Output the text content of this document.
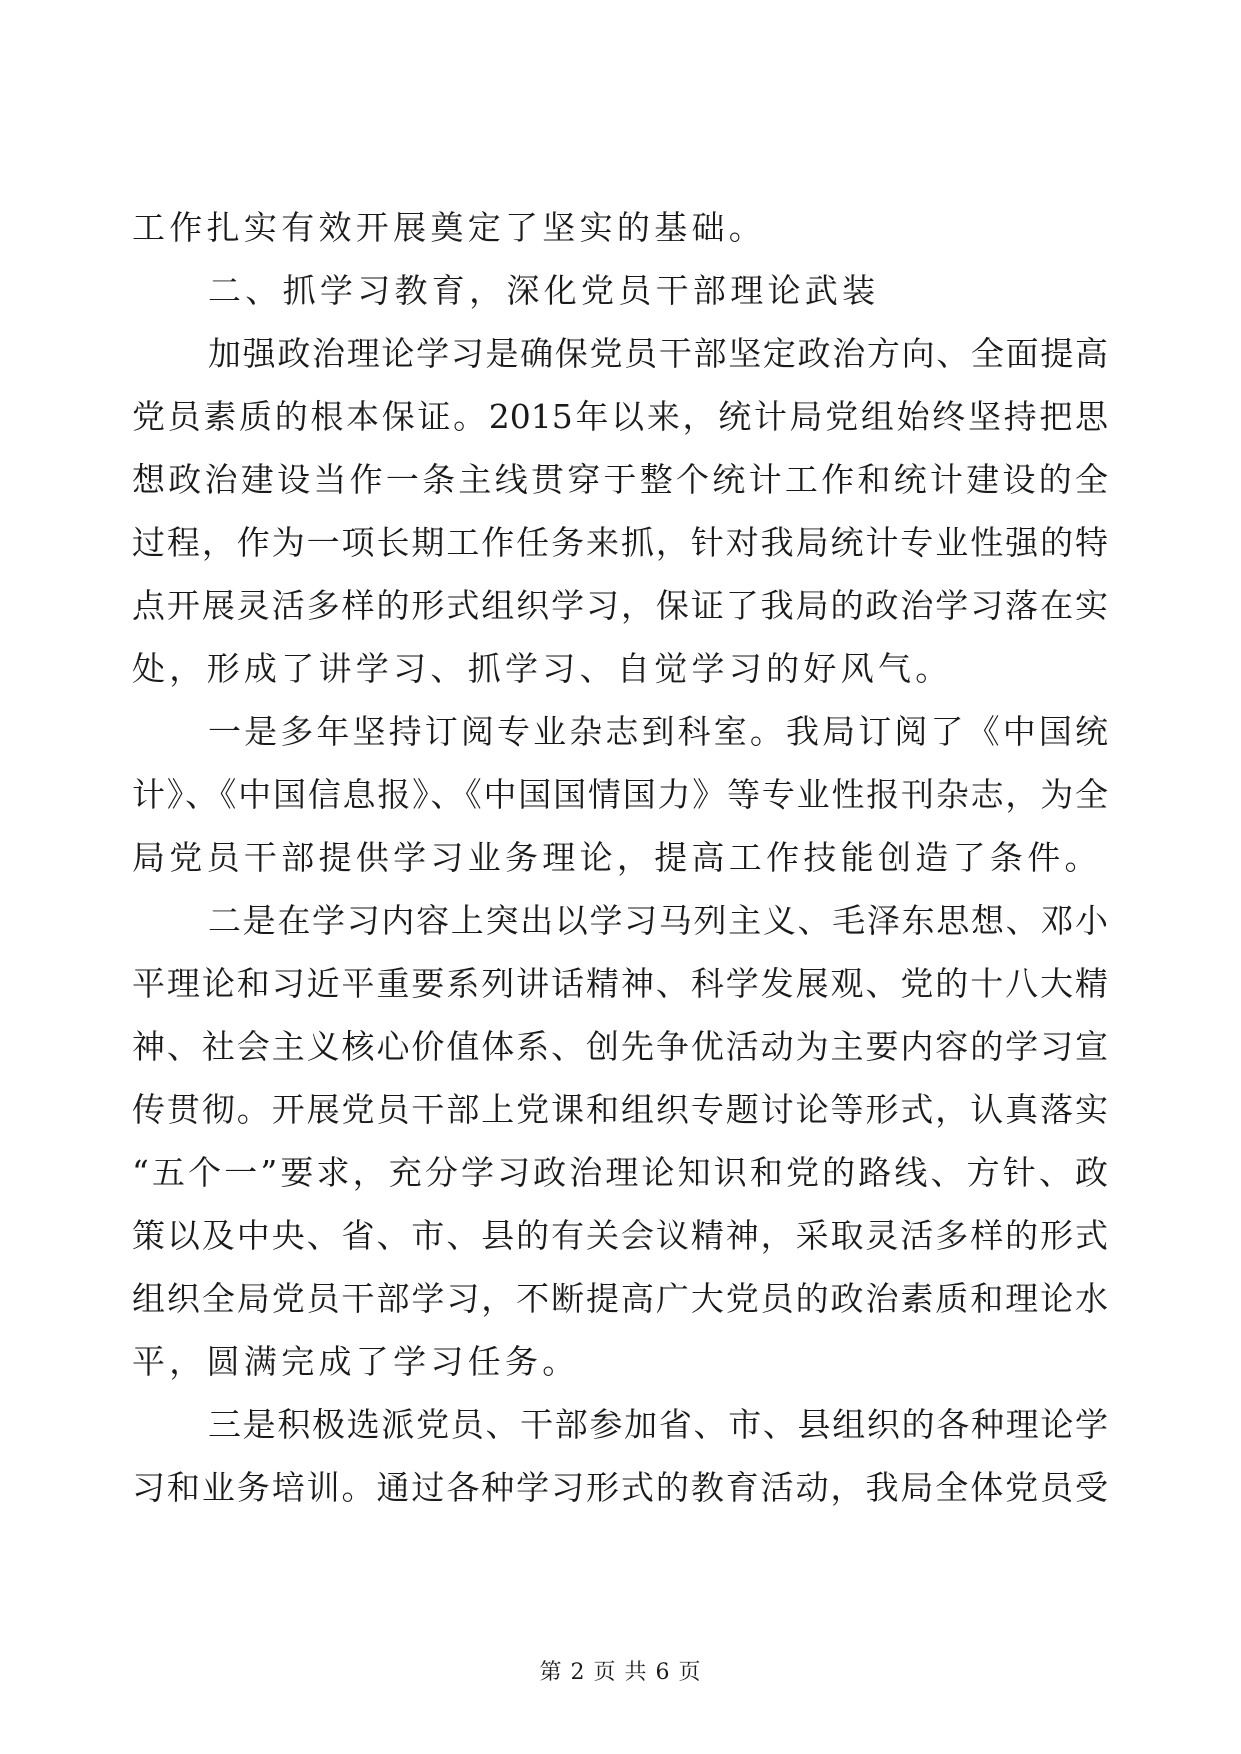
工作扎实有效开展奠定了坚实的基础。
二、抓学习教育，深化党员干部理论武装
加强政治理论学习是确保党员干部坚定政治方向、全面提高
党员素质的根本保证。2015年以来，统计局党组始终坚持把思
想政治建设当作一条主线贯穿于整个统计工作和统计建设的全
过程，作为一项长期工作任务来抓，针对我局统计专业性强的特
点开展灵活多样的形式组织学习，保证了我局的政治学习落在实
处，形成了讲学习、抓学习、自觉学习的好风气。
一是多年坚持订阅专业杂志到科室。我局订阅了《中国统
计》、《中国信息报》、《中国国情国力》等专业性报刊杂志，为全
局党员干部提供学习业务理论，提高工作技能创造了条件。
二是在学习内容上突出以学习马列主义、毛泽东思想、邓小
平理论和习近平重要系列讲话精神、科学发展观、党的十八大精
神、社会主义核心价值体系、创先争优活动为主要内容的学习宣
传贯彻。开展党员干部上党课和组织专题讨论等形式，认真落实
“五个一”要求，充分学习政治理论知识和党的路线、方针、政
策以及中央、省、市、县的有关会议精神，采取灵活多样的形式
组织全局党员干部学习，不断提高广大党员的政治素质和理论水
平，圆满完成了学习任务。
三是积极选派党员、干部参加省、市、县组织的各种理论学
习和业务培训。通过各种学习形式的教育活动，我局全体党员受
第 2 页 共 6 页
